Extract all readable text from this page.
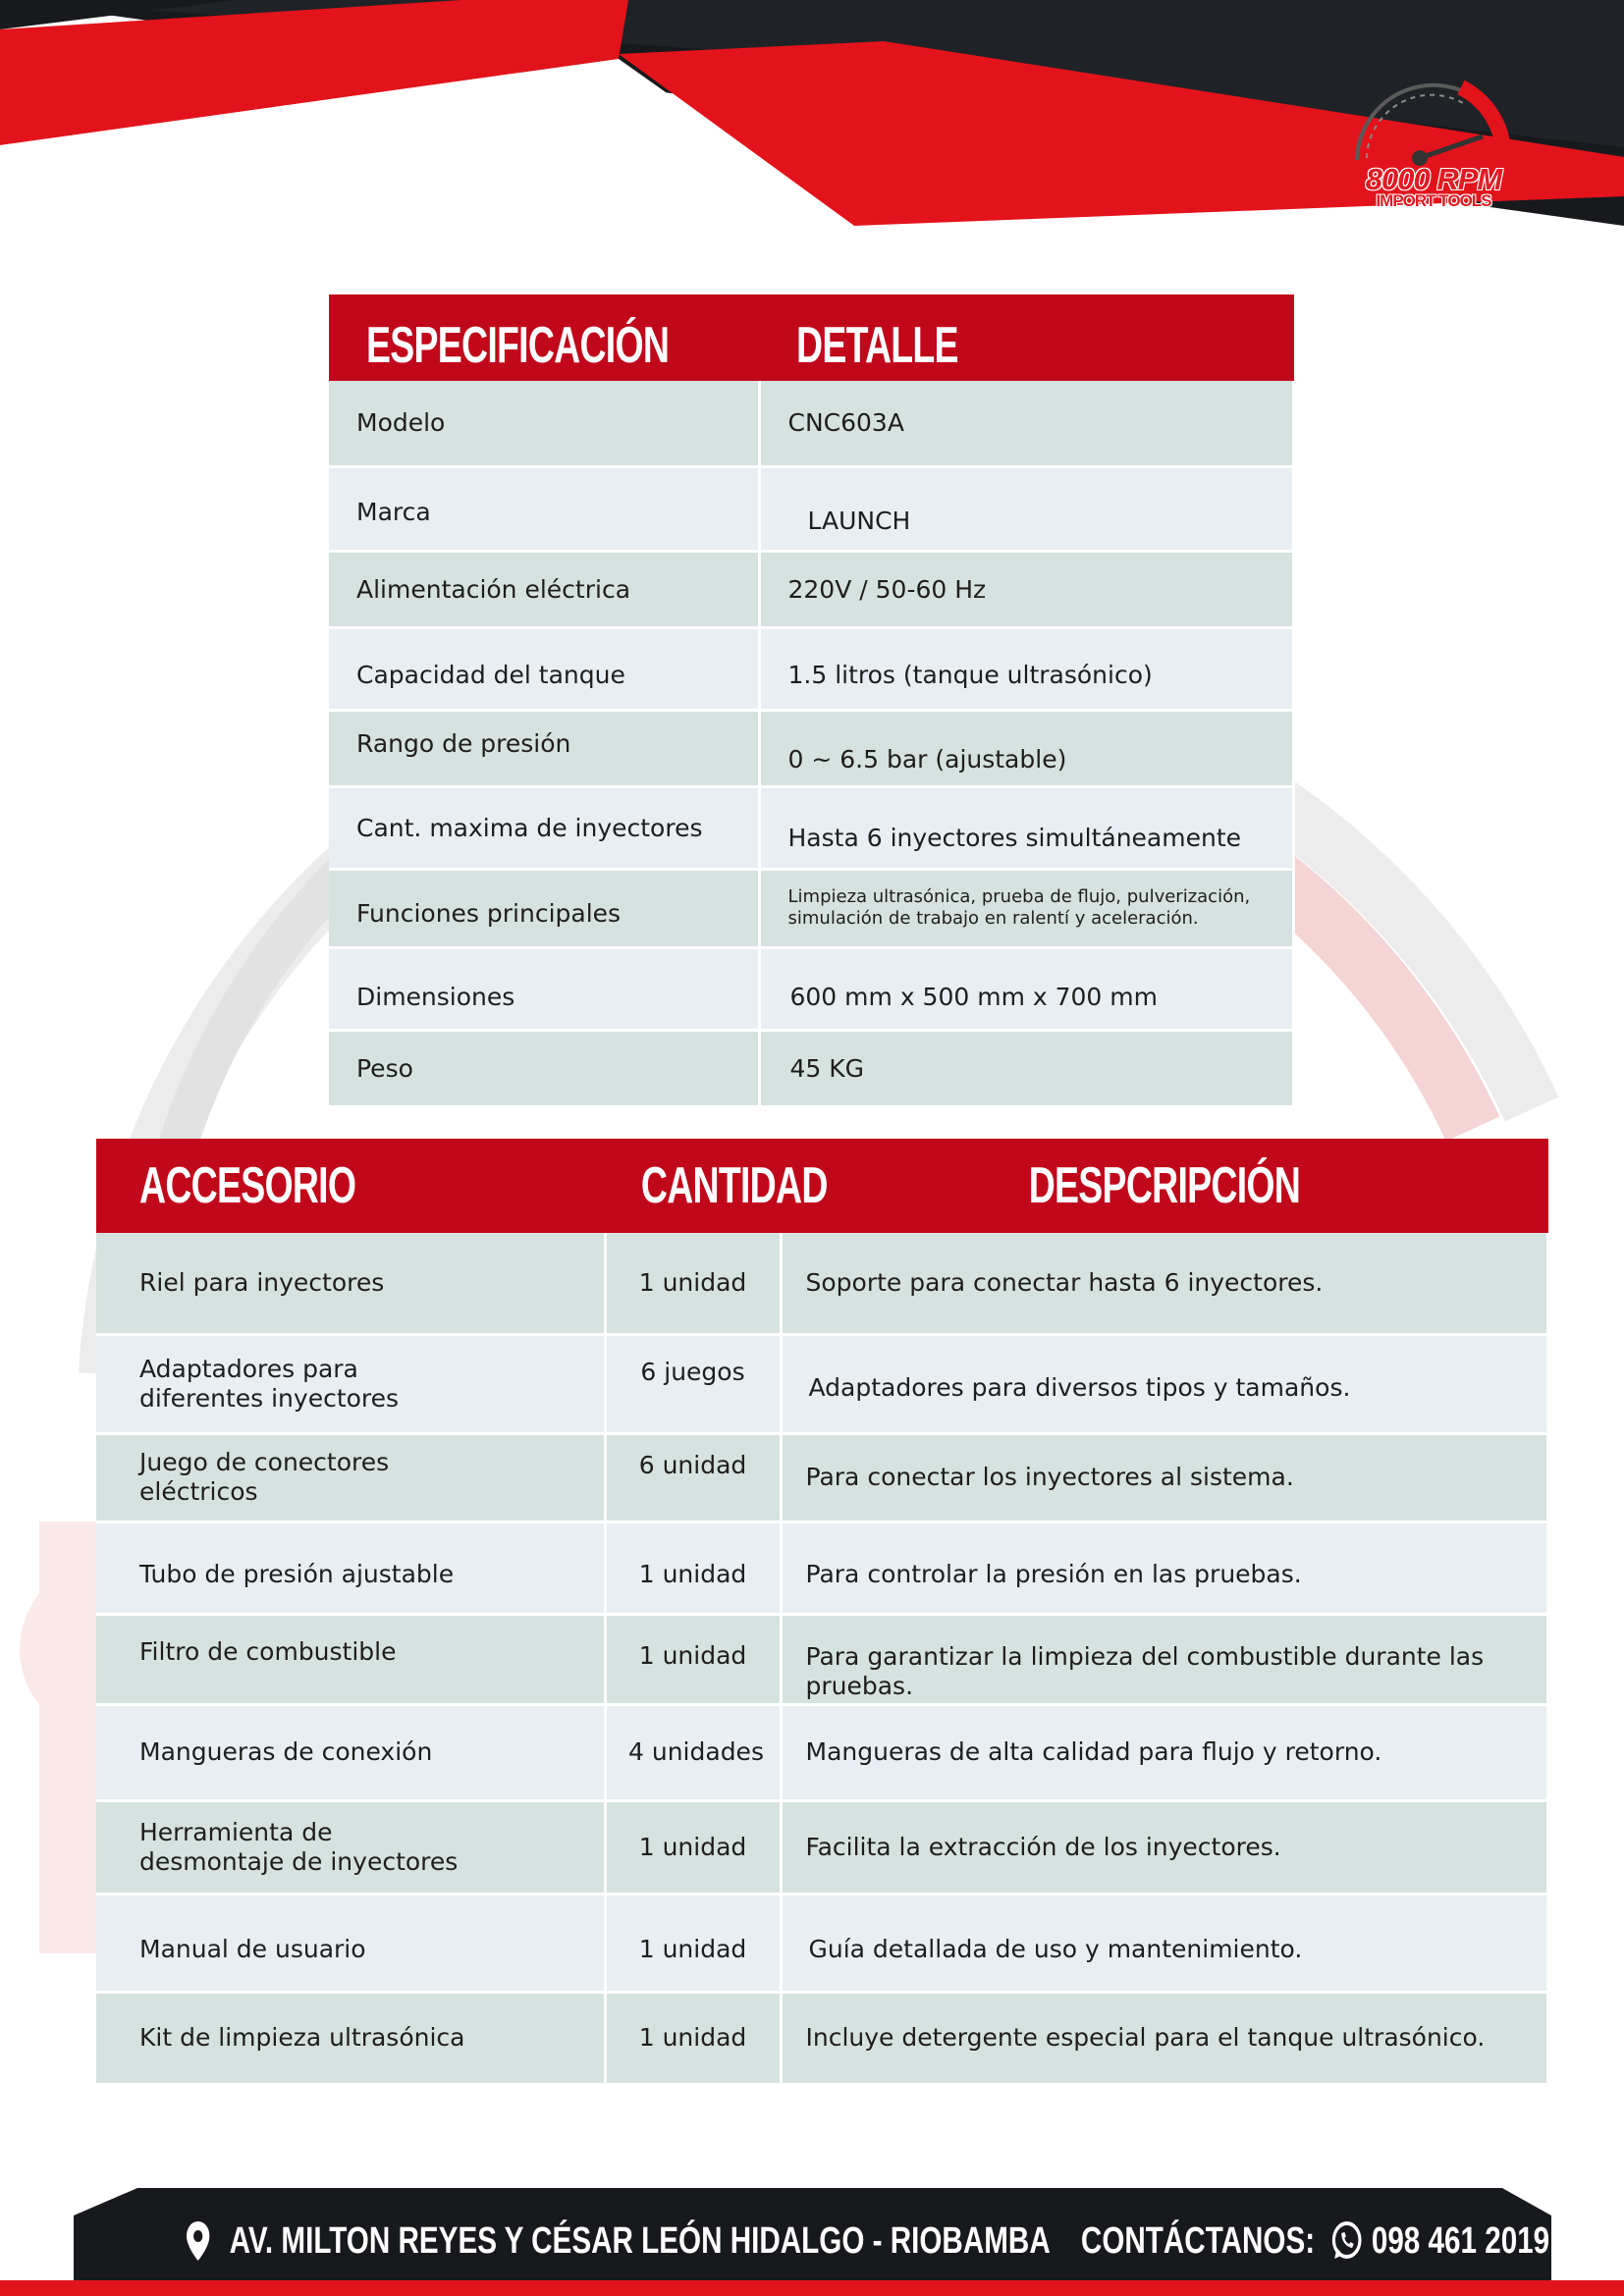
8000 RPM
IMPORT TOOLS
ESPECIFICACIÓN	DETALLE
Modelo	CNC603A
Marca	LAUNCH
Alimentación eléctrica	220V / 50-60 Hz
Capacidad del tanque	1.5 litros (tanque ultrasónico)
Rango de presión	0 ~ 6.5 bar (ajustable)
Cant. maxima de inyectores	Hasta 6 inyectores simultáneamente
Funciones principales	Limpieza ultrasónica, prueba de flujo, pulverización,
simulación de trabajo en ralentí y aceleración.

Dimensiones	600 mm x 500 mm x 700 mm
Peso	45 KG
ACCESORIO	CANTIDAD	DESPCRIPCIÓN
Riel para inyectores	1 unidad	Soporte para conectar hasta 6 inyectores.

Adaptadores para
diferentes inyectores	6 juegos	Adaptadores para diversos tipos y tamaños.

Juego de conectores
eléctricos	6 unidad	Para conectar los inyectores al sistema.
Tubo de presión ajustable	1 unidad	Para controlar la presión en las pruebas.
Filtro de combustible	1 unidad	Para garantizar la limpieza del combustible durante las pruebas.
Mangueras de conexión	4 unidades	Mangueras de alta calidad para flujo y retorno.

Herramienta de
desmontaje de inyectores	1 unidad	Facilita la extracción de los inyectores.
Manual de usuario	1 unidad	Guía detallada de uso y mantenimiento.
Kit de limpieza ultrasónica	1 unidad	Incluye detergente especial para el tanque ultrasónico.
AV. MILTON REYES Y CÉSAR LEÓN HIDALGO - RIOBAMBA CONTÁCTANOS: 098 461 2019
